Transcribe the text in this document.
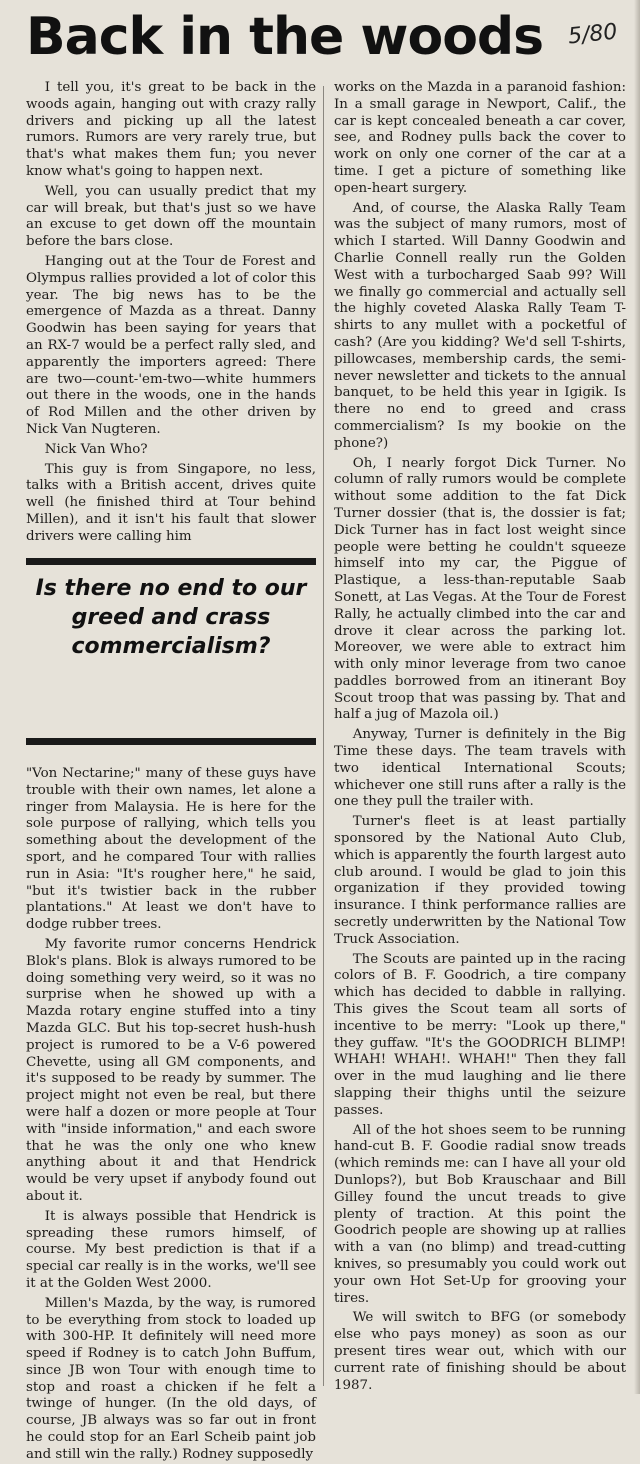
Back in the woods 5/80

I tell you, it's great to be back in the woods again, hanging out with crazy rally drivers and picking up all the latest rumors. Rumors are very rarely true, but that's what makes them fun; you never know what's going to happen next.

Well, you can usually predict that my car will break, but that's just so we have an excuse to get down off the mountain before the bars close.

Hanging out at the Tour de Forest and Olympus rallies provided a lot of color this year. The big news has to be the emergence of Mazda as a threat. Danny Goodwin has been saying for years that an RX-7 would be a perfect rally sled, and apparently the importers agreed: There are two—count-'em-two—white hummers out there in the woods, one in the hands of Rod Millen and the other driven by Nick Van Nugteren.

Nick Van Who?

This guy is from Singapore, no less, talks with a British accent, drives quite well (he finished third at Tour behind Millen), and it isn't his fault that slower drivers were calling him

Is there no end to our greed and crass commercialism?

"Von Nectarine;" many of these guys have trouble with their own names, let alone a ringer from Malaysia. He is here for the sole purpose of rallying, which tells you something about the development of the sport, and he compared Tour with rallies run in Asia: "It's rougher here," he said, "but it's twistier back in the rubber plantations." At least we don't have to dodge rubber trees.

My favorite rumor concerns Hendrick Blok's plans. Blok is always rumored to be doing something very weird, so it was no surprise when he showed up with a Mazda rotary engine stuffed into a tiny Mazda GLC. But his top-secret hush-hush project is rumored to be a V-6 powered Chevette, using all GM components, and it's supposed to be ready by summer. The project might not even be real, but there were half a dozen or more people at Tour with "inside information," and each swore that he was the only one who knew anything about it and that Hendrick would be very upset if anybody found out about it.

It is always possible that Hendrick is spreading these rumors himself, of course. My best prediction is that if a special car really is in the works, we'll see it at the Golden West 2000.

Millen's Mazda, by the way, is rumored to be everything from stock to loaded up with 300-HP. It definitely will need more speed if Rodney is to catch John Buffum, since JB won Tour with enough time to stop and roast a chicken if he felt a twinge of hunger. (In the old days, of course, JB always was so far out in front he could stop for an Earl Scheib paint job and still win the rally.) Rodney supposedly

works on the Mazda in a paranoid fashion: In a small garage in Newport, Calif., the car is kept concealed beneath a car cover, see, and Rodney pulls back the cover to work on only one corner of the car at a time. I get a picture of something like open-heart surgery.

And, of course, the Alaska Rally Team was the subject of many rumors, most of which I started. Will Danny Goodwin and Charlie Connell really run the Golden West with a turbocharged Saab 99? Will we finally go commercial and actually sell the highly coveted Alaska Rally Team T-shirts to any mullet with a pocketful of cash? (Are you kidding? We'd sell T-shirts, pillowcases, membership cards, the semi-never newsletter and tickets to the annual banquet, to be held this year in Igigik. Is there no end to greed and crass commercialism? Is my bookie on the phone?)

Oh, I nearly forgot Dick Turner. No column of rally rumors would be complete without some addition to the fat Dick Turner dossier (that is, the dossier is fat; Dick Turner has in fact lost weight since people were betting he couldn't squeeze himself into my car, the Piggue of Plastique, a less-than-reputable Saab Sonett, at Las Vegas. At the Tour de Forest Rally, he actually climbed into the car and drove it clear across the parking lot. Moreover, we were able to extract him with only minor leverage from two canoe paddles borrowed from an itinerant Boy Scout troop that was passing by. That and half a jug of Mazola oil.)

Anyway, Turner is definitely in the Big Time these days. The team travels with two identical International Scouts; whichever one still runs after a rally is the one they pull the trailer with.

Turner's fleet is at least partially sponsored by the National Auto Club, which is apparently the fourth largest auto club around. I would be glad to join this organization if they provided towing insurance. I think performance rallies are secretly underwritten by the National Tow Truck Association.

The Scouts are painted up in the racing colors of B. F. Goodrich, a tire company which has decided to dabble in rallying. This gives the Scout team all sorts of incentive to be merry: "Look up there," they guffaw. "It's the GOODRICH BLIMP! WHAH! WHAH!. WHAH!" Then they fall over in the mud laughing and lie there slapping their thighs until the seizure passes.

All of the hot shoes seem to be running hand-cut B. F. Goodie radial snow treads (which reminds me: can I have all your old Dunlops?), but Bob Krauschaar and Bill Gilley found the uncut treads to give plenty of traction. At this point the Goodrich people are showing up at rallies with a van (no blimp) and tread-cutting knives, so presumably you could work out your own Hot Set-Up for grooving your tires.

We will switch to BFG (or somebody else who pays money) as soon as our present tires wear out, which with our current rate of finishing should be about 1987.
